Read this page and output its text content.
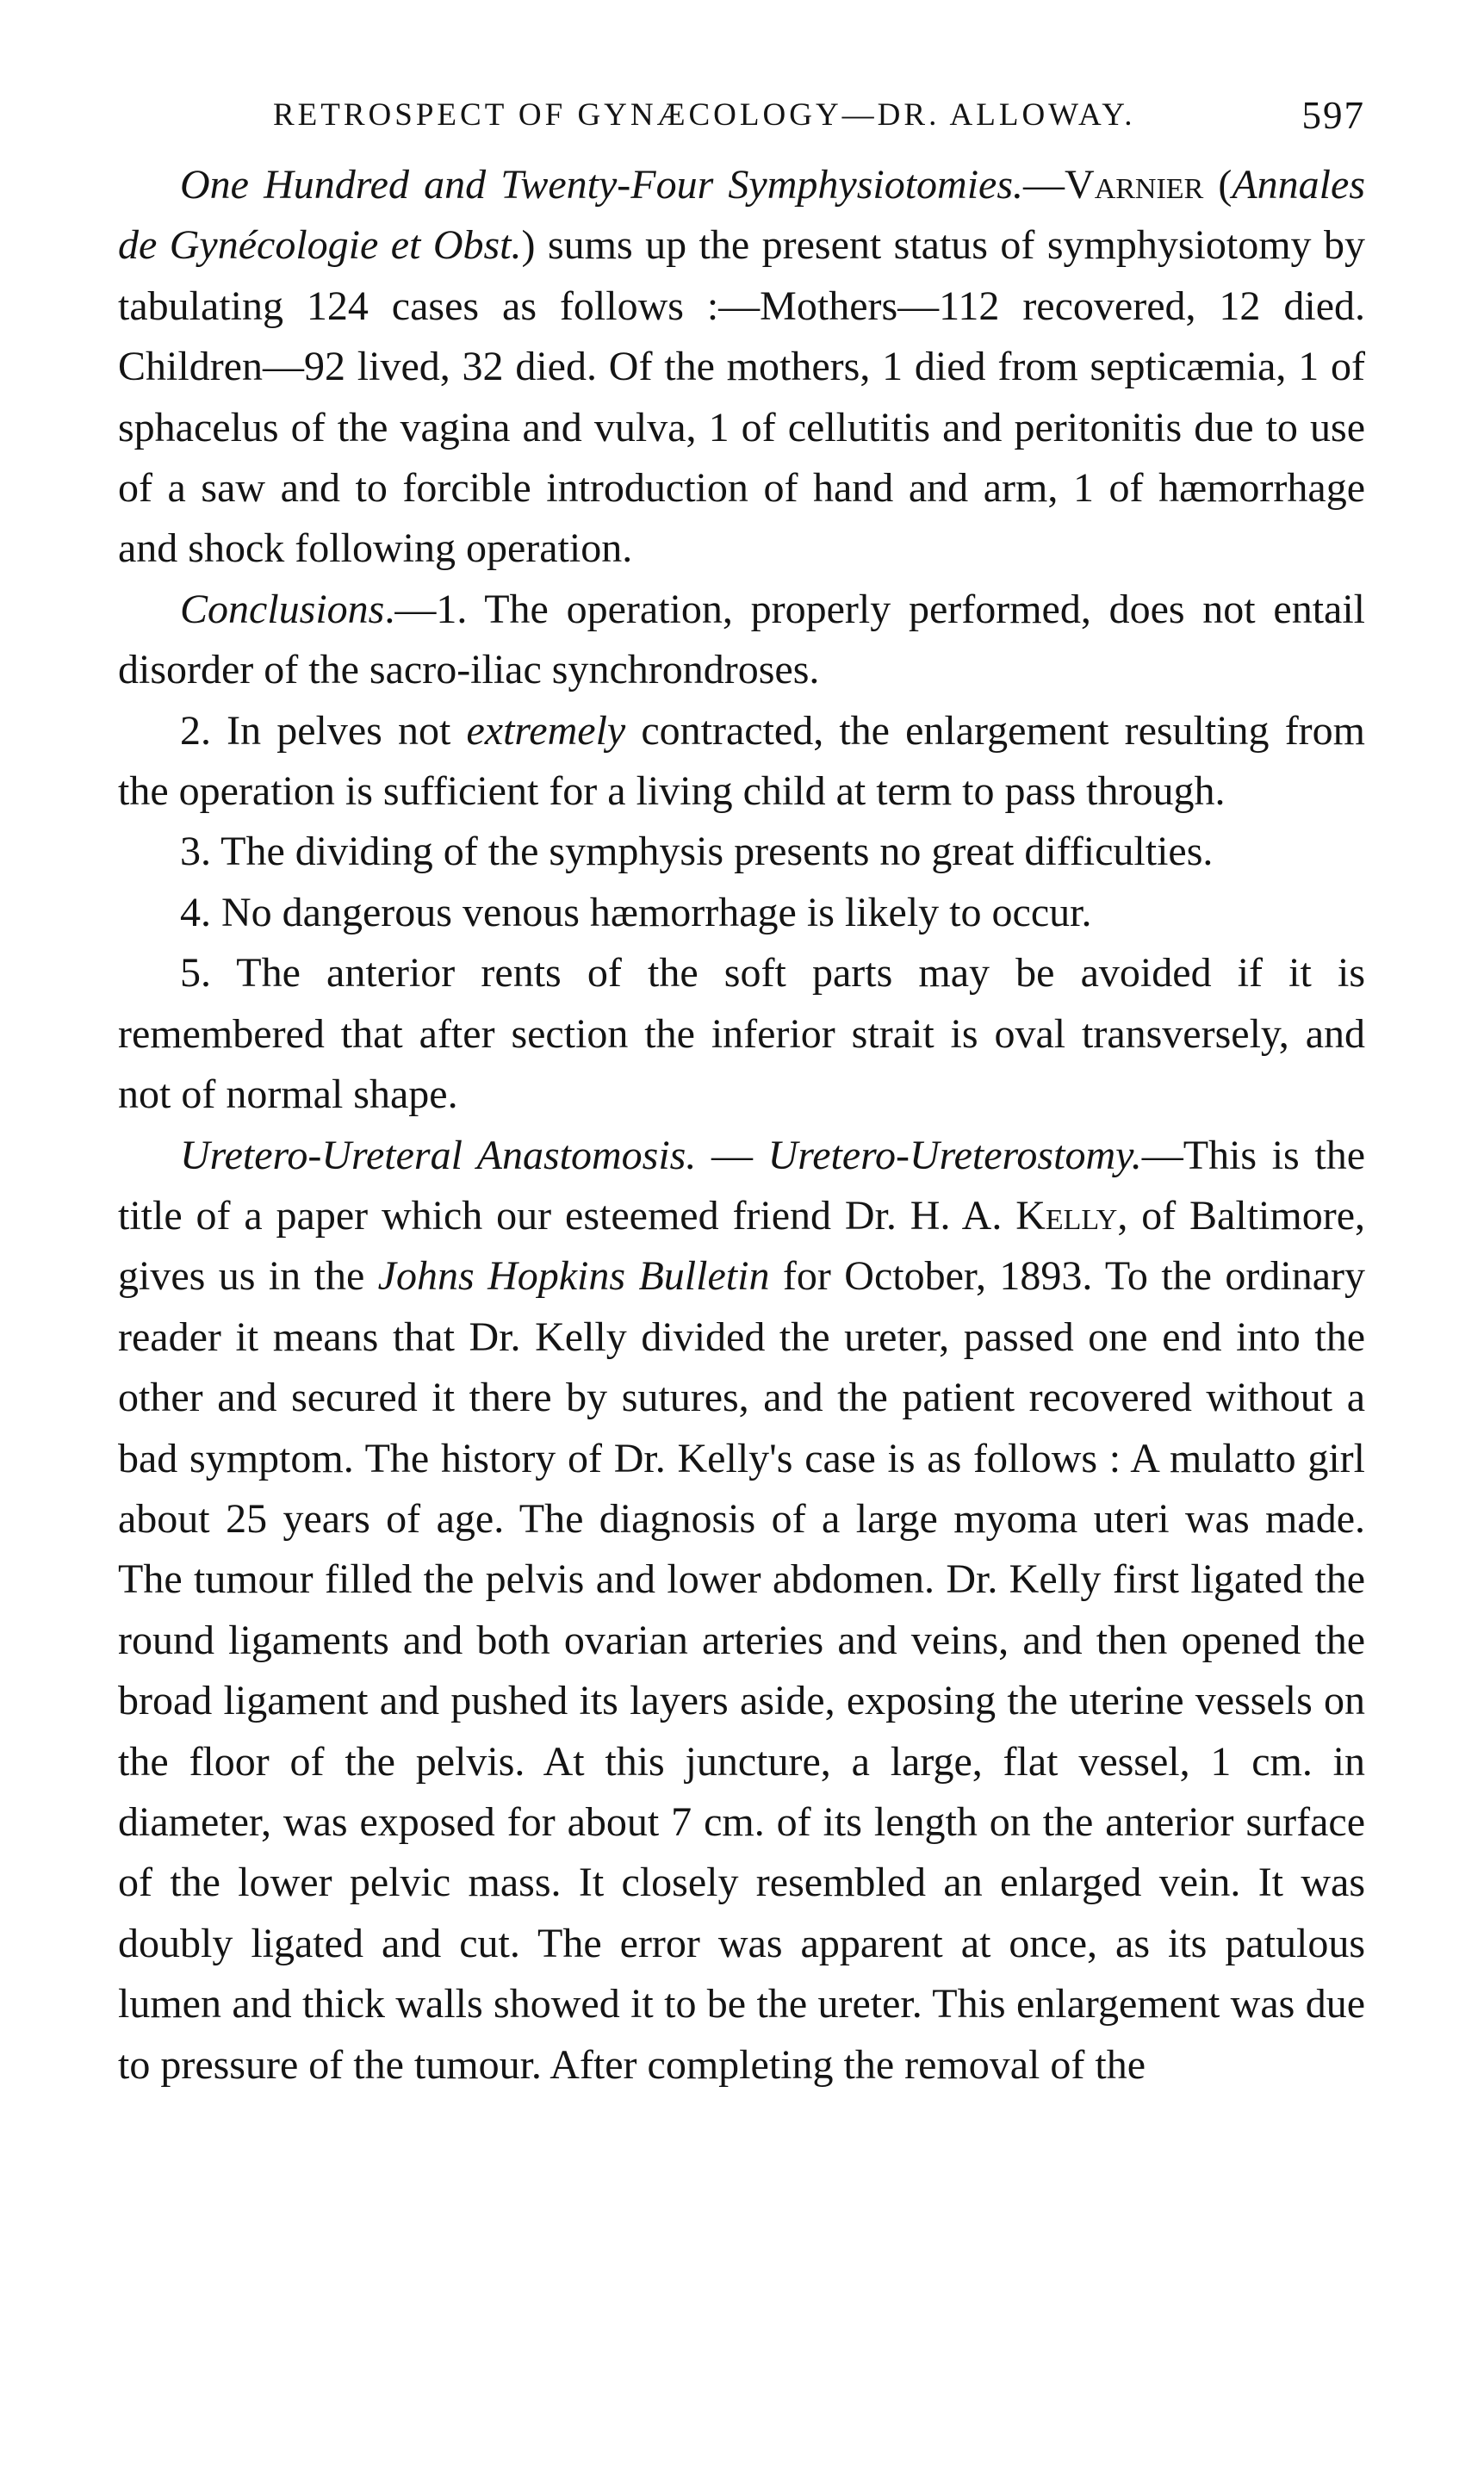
RETROSPECT OF GYNÆCOLOGY—DR. ALLOWAY.	597

One Hundred and Twenty-Four Symphysiotomies.—Varnier (Annales de Gynécologie et Obst.) sums up the present status of symphysiotomy by tabulating 124 cases as follows :—Mothers—112 recovered, 12 died. Children—92 lived, 32 died. Of the mothers, 1 died from septicæmia, 1 of sphacelus of the vagina and vulva, 1 of cellutitis and peritonitis due to use of a saw and to forcible introduction of hand and arm, 1 of hæmorrhage and shock following operation.

Conclusions.—1. The operation, properly performed, does not entail disorder of the sacro-iliac synchrondroses.

2. In pelves not extremely contracted, the enlargement resulting from the operation is sufficient for a living child at term to pass through.

3. The dividing of the symphysis presents no great difficulties.

4. No dangerous venous hæmorrhage is likely to occur.

5. The anterior rents of the soft parts may be avoided if it is remembered that after section the inferior strait is oval transversely, and not of normal shape.

Uretero-Ureteral Anastomosis. — Uretero-Ureterostomy.—This is the title of a paper which our esteemed friend Dr. H. A. Kelly, of Baltimore, gives us in the Johns Hopkins Bulletin for October, 1893. To the ordinary reader it means that Dr. Kelly divided the ureter, passed one end into the other and secured it there by sutures, and the patient recovered without a bad symptom. The history of Dr. Kelly's case is as follows : A mulatto girl about 25 years of age. The diagnosis of a large myoma uteri was made. The tumour filled the pelvis and lower abdomen. Dr. Kelly first ligated the round ligaments and both ovarian arteries and veins, and then opened the broad ligament and pushed its layers aside, exposing the uterine vessels on the floor of the pelvis. At this juncture, a large, flat vessel, 1 cm. in diameter, was exposed for about 7 cm. of its length on the anterior surface of the lower pelvic mass. It closely resembled an enlarged vein. It was doubly ligated and cut. The error was apparent at once, as its patulous lumen and thick walls showed it to be the ureter. This enlargement was due to pressure of the tumour. After completing the removal of the
